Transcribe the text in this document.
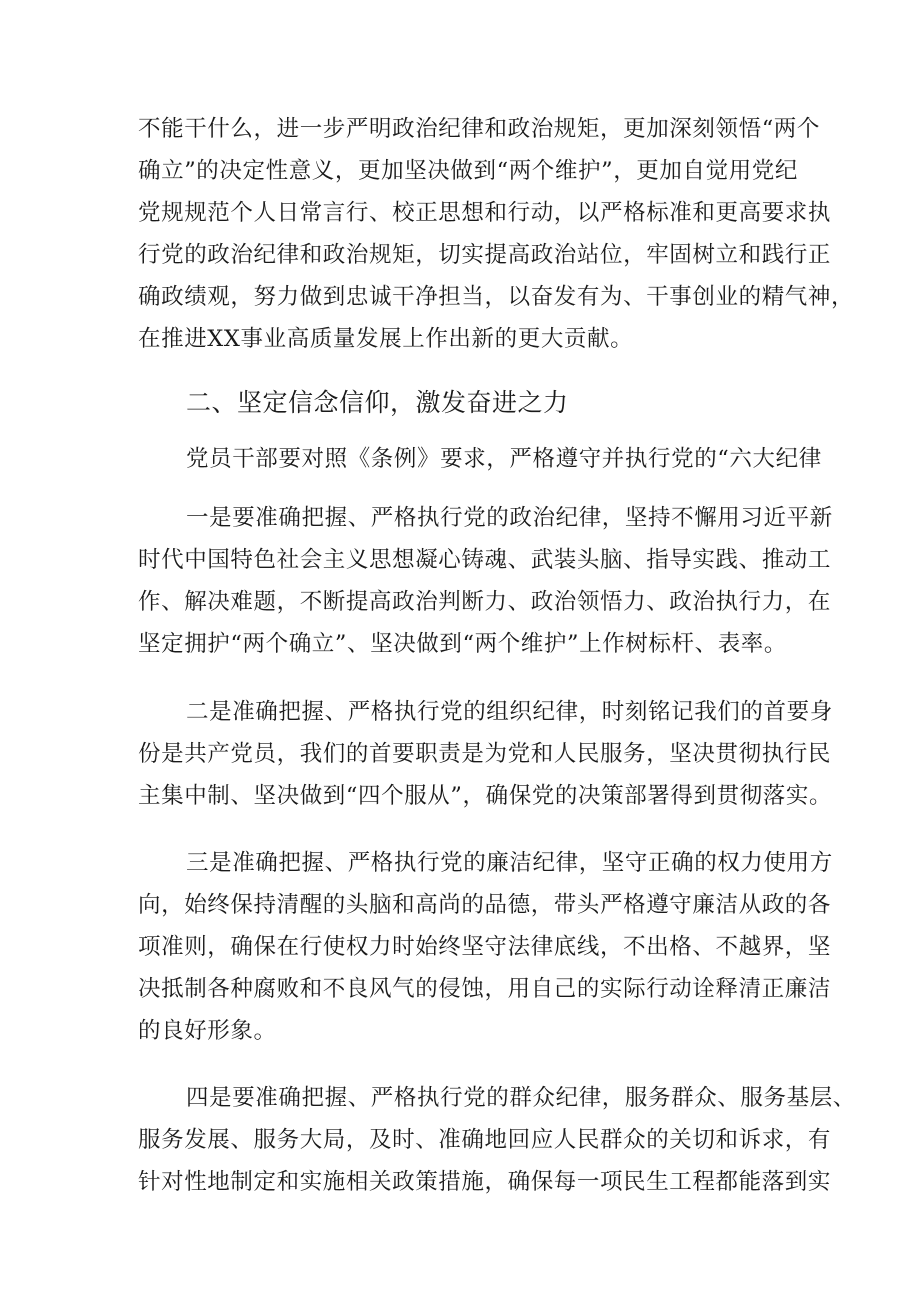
不能干什么，进一步严明政治纪律和政治规矩，更加深刻领悟“两个
确立”的决定性意义，更加坚决做到“两个维护”，更加自觉用党纪
党规规范个人日常言行、校正思想和行动，以严格标准和更高要求执
行党的政治纪律和政治规矩，切实提高政治站位，牢固树立和践行正
确政绩观，努力做到忠诚干净担当，以奋发有为、干事创业的精气神，
在推进XX事业高质量发展上作出新的更大贡献。
二、坚定信念信仰，激发奋进之力
党员干部要对照《条例》要求，严格遵守并执行党的“六大纪律
一是要准确把握、严格执行党的政治纪律，坚持不懈用习近平新
时代中国特色社会主义思想凝心铸魂、武装头脑、指导实践、推动工
作、解决难题，不断提高政治判断力、政治领悟力、政治执行力，在
坚定拥护“两个确立”、坚决做到“两个维护”上作树标杆、表率。
二是准确把握、严格执行党的组织纪律，时刻铭记我们的首要身
份是共产党员，我们的首要职责是为党和人民服务，坚决贯彻执行民
主集中制、坚决做到“四个服从”，确保党的决策部署得到贯彻落实。
三是准确把握、严格执行党的廉洁纪律，坚守正确的权力使用方
向，始终保持清醒的头脑和高尚的品德，带头严格遵守廉洁从政的各
项准则，确保在行使权力时始终坚守法律底线，不出格、不越界，坚
决抵制各种腐败和不良风气的侵蚀，用自己的实际行动诠释清正廉洁
的良好形象。
四是要准确把握、严格执行党的群众纪律，服务群众、服务基层、
服务发展、服务大局，及时、准确地回应人民群众的关切和诉求，有
针对性地制定和实施相关政策措施，确保每一项民生工程都能落到实
